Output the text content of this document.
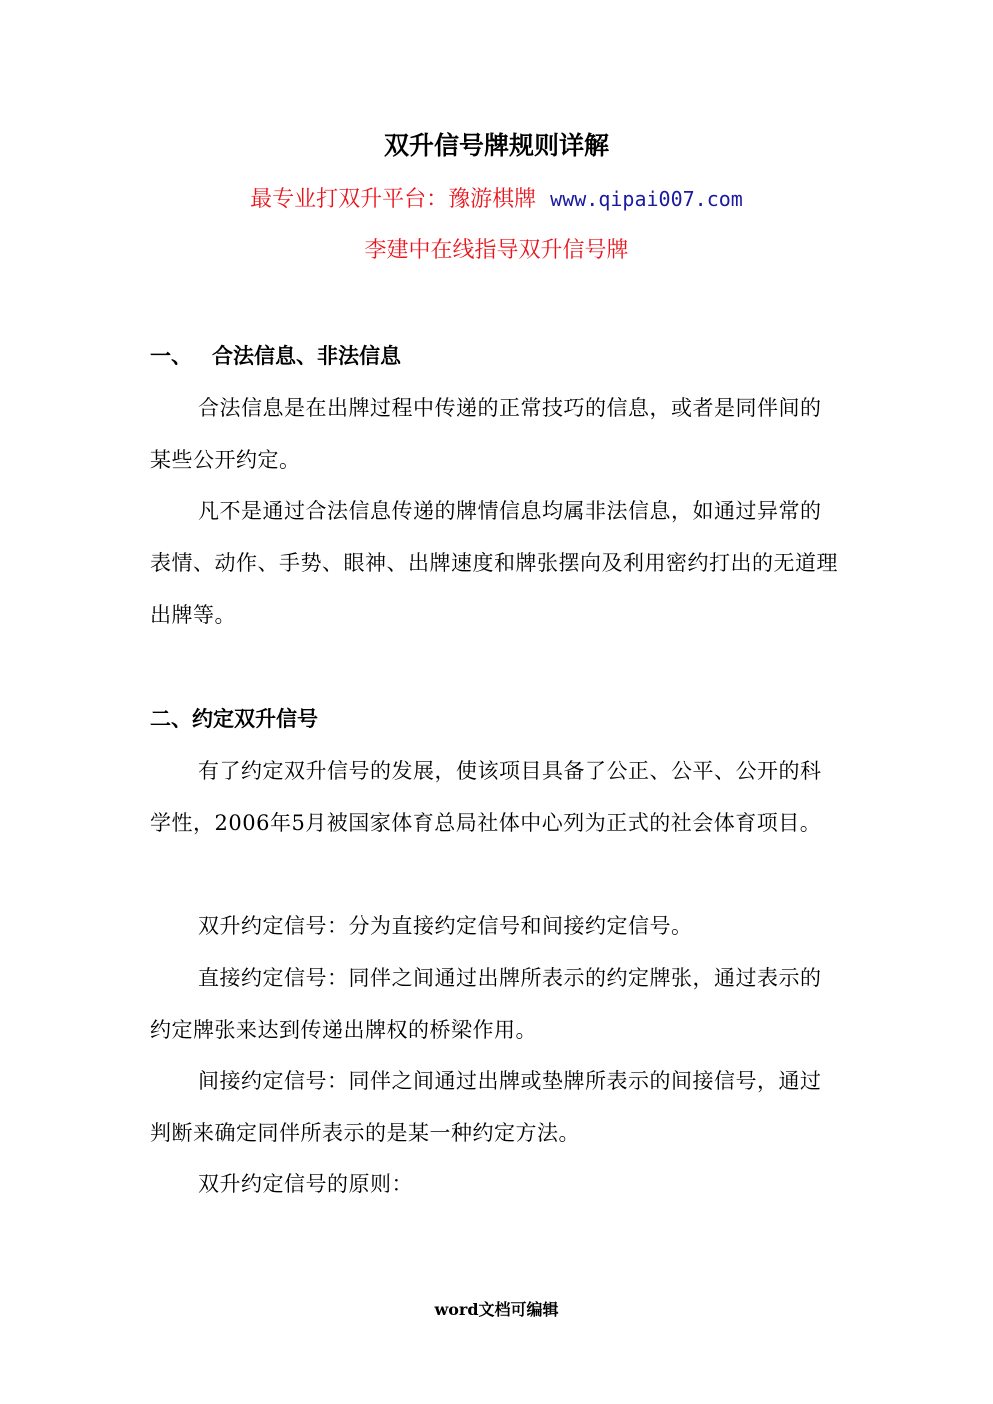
双升信号牌规则详解
最专业打双升平台：豫游棋牌 www.qipai007.com
李建中在线指导双升信号牌
一、 合法信息、非法信息

合法信息是在出牌过程中传递的正常技巧的信息，或者是同伴间的某些公开约定。

凡不是通过合法信息传递的牌情信息均属非法信息，如通过异常的表情、动作、手势、眼神、出牌速度和牌张摆向及利用密约打出的无道理出牌等。

二、约定双升信号

有了约定双升信号的发展，使该项目具备了公正、公平、公开的科学性，2006年5月被国家体育总局社体中心列为正式的社会体育项目。

双升约定信号：分为直接约定信号和间接约定信号。

直接约定信号：同伴之间通过出牌所表示的约定牌张，通过表示的约定牌张来达到传递出牌权的桥梁作用。

间接约定信号：同伴之间通过出牌或垫牌所表示的间接信号，通过判断来确定同伴所表示的是某一种约定方法。

双升约定信号的原则：

word文档可编辑
